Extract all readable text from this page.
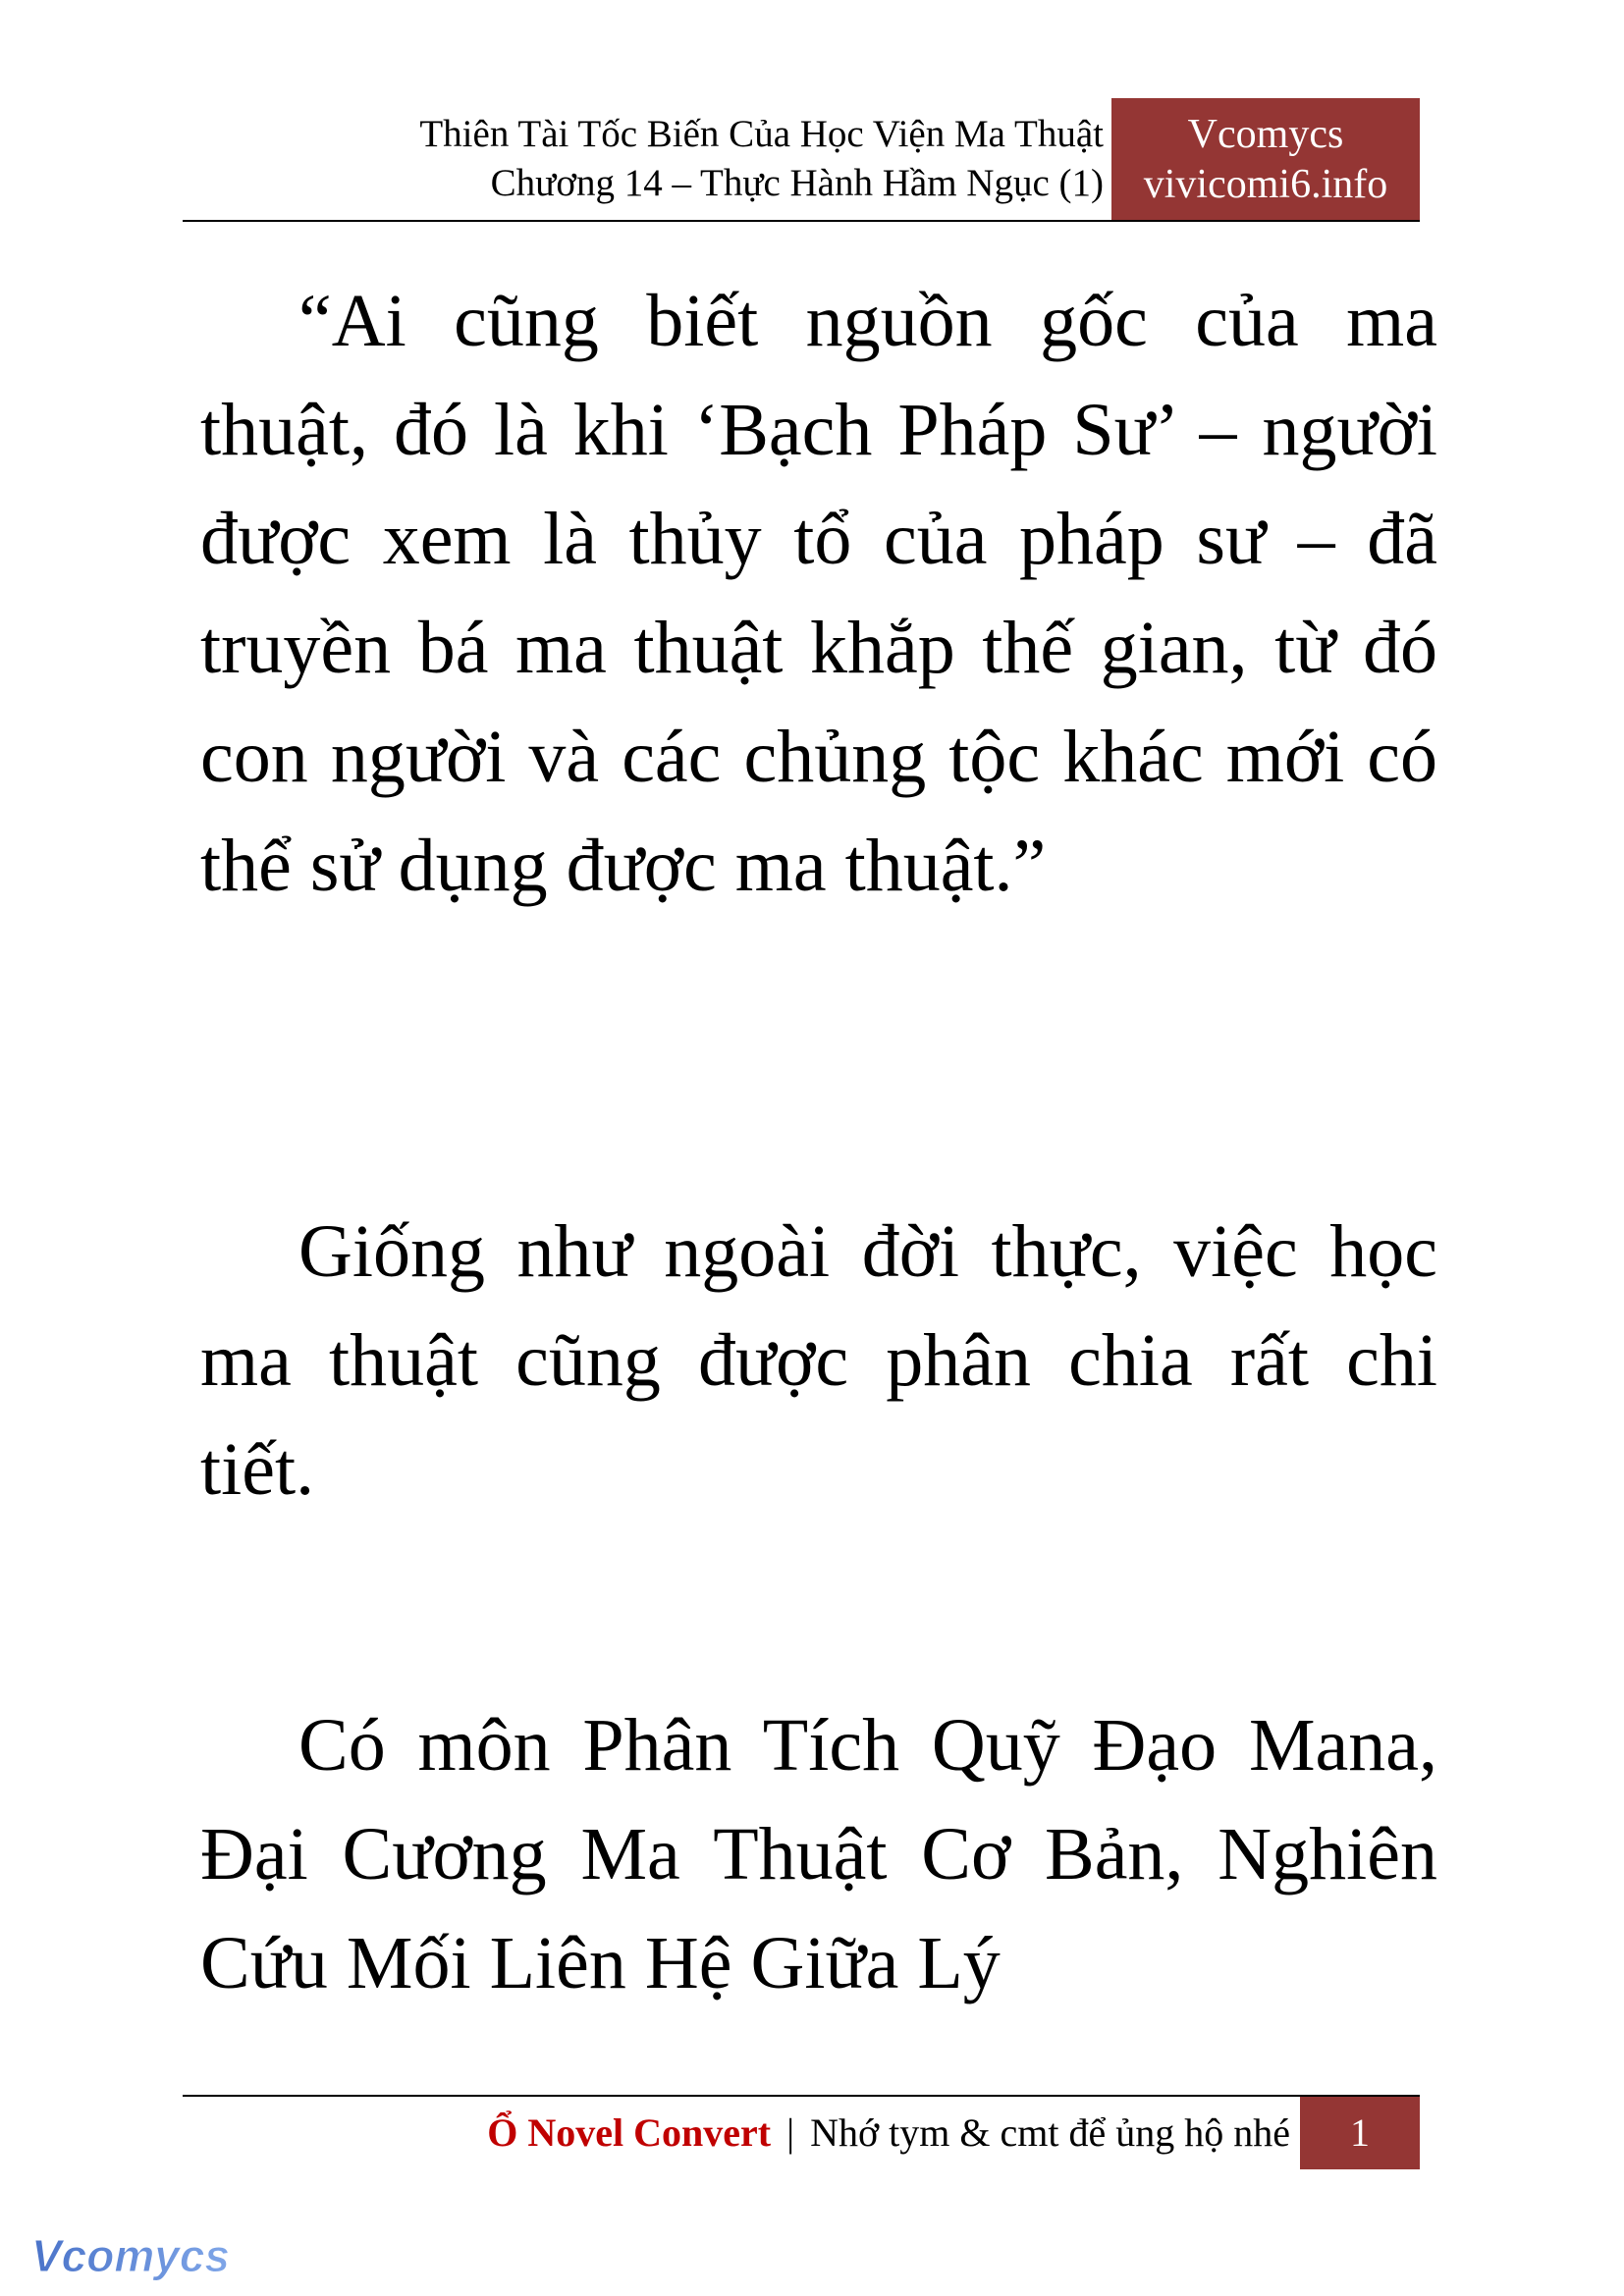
Thiên Tài Tốc Biến Của Học Viện Ma Thuật
Chương 14 – Thực Hành Hầm Ngục (1)
Vcomycs
vivicomi6.info

“Ai cũng biết nguồn gốc của ma thuật, đó là khi ‘Bạch Pháp Sư’ – người được xem là thủy tổ của pháp sư – đã truyền bá ma thuật khắp thế gian, từ đó con người và các chủng tộc khác mới có thể sử dụng được ma thuật.”

Giống như ngoài đời thực, việc học ma thuật cũng được phân chia rất chi tiết.

Có môn Phân Tích Quỹ Đạo Mana, Đại Cương Ma Thuật Cơ Bản, Nghiên Cứu Mối Liên Hệ Giữa Lý

Ổ Novel Convert | Nhớ tym & cmt để ủng hộ nhé	1
Vcomycs
